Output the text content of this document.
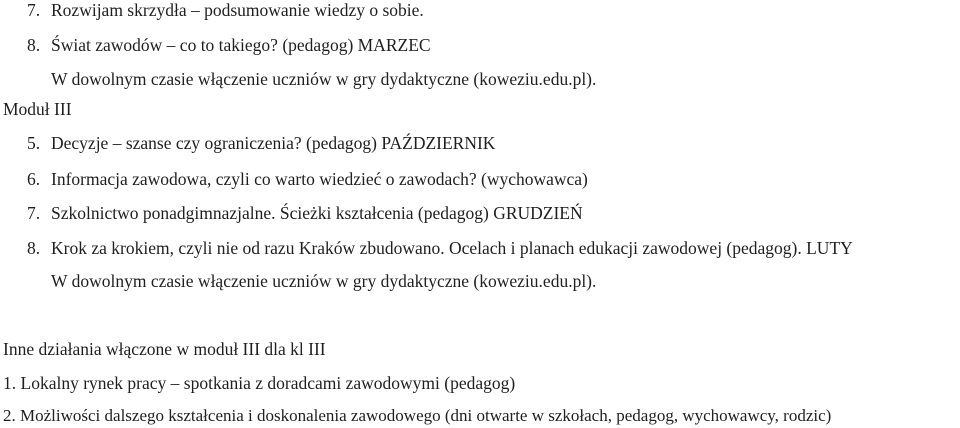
7. Rozwijam skrzydła – podsumowanie wiedzy o sobie.
8. Świat zawodów – co to takiego? (pedagog) MARZEC
W dowolnym czasie włączenie uczniów w gry dydaktyczne (koweziu.edu.pl).
Moduł III
5. Decyzje – szanse czy ograniczenia? (pedagog) PAŹDZIERNIK
6. Informacja zawodowa, czyli co warto wiedzieć o zawodach? (wychowawca)
7. Szkolnictwo ponadgimnazjalne. Ścieżki kształcenia (pedagog) GRUDZIEŃ
8. Krok za krokiem, czyli nie od razu Kraków zbudowano. Ocelach i planach edukacji zawodowej (pedagog). LUTY
W dowolnym czasie włączenie uczniów w gry dydaktyczne (koweziu.edu.pl).
Inne działania włączone w moduł III dla kl III
1. Lokalny rynek pracy – spotkania z doradcami zawodowymi (pedagog)
2. Możliwości dalszego kształcenia i doskonalenia zawodowego (dni otwarte w szkołach, pedagog, wychowawcy, rodzic)
